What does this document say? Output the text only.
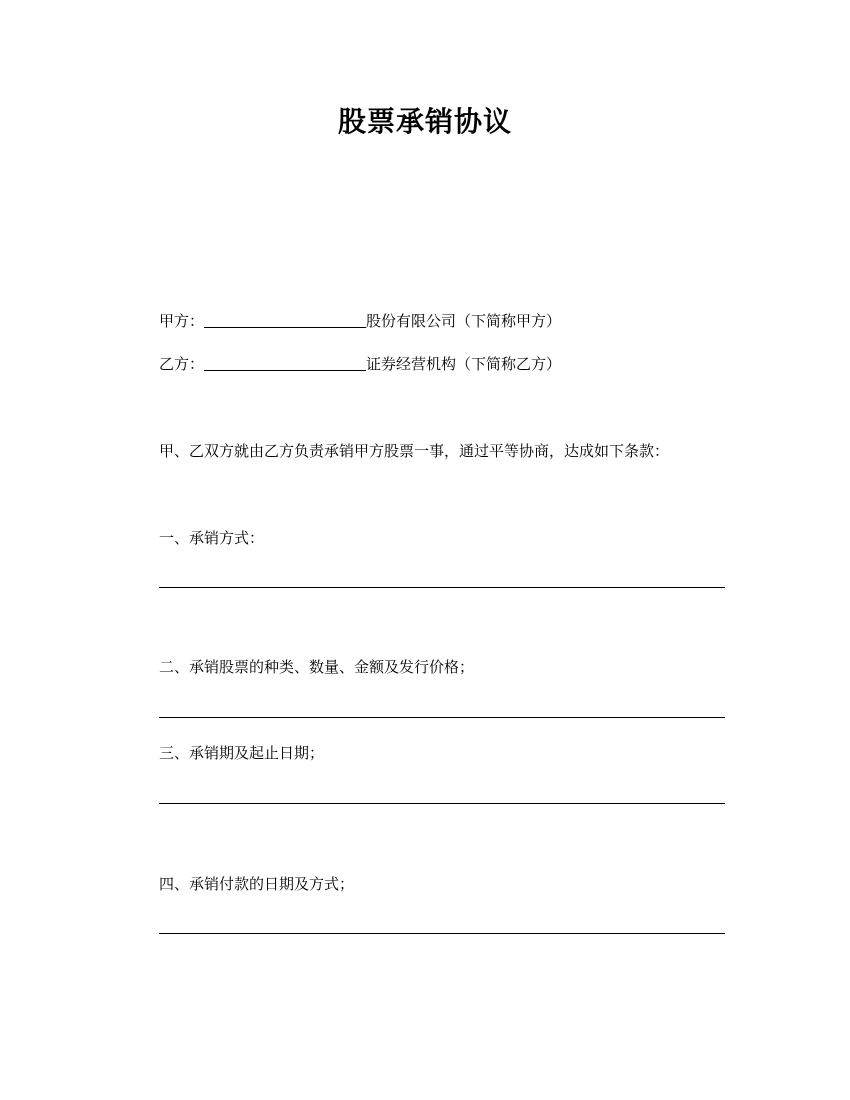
股票承销协议
甲方：	股份有限公司（下简称甲方）
乙方：	证券经营机构（下简称乙方）
甲、乙双方就由乙方负责承销甲方股票一事，通过平等协商，达成如下条款：
一、承销方式：
二、承销股票的种类、数量、金额及发行价格；
三、承销期及起止日期；
四、承销付款的日期及方式；
